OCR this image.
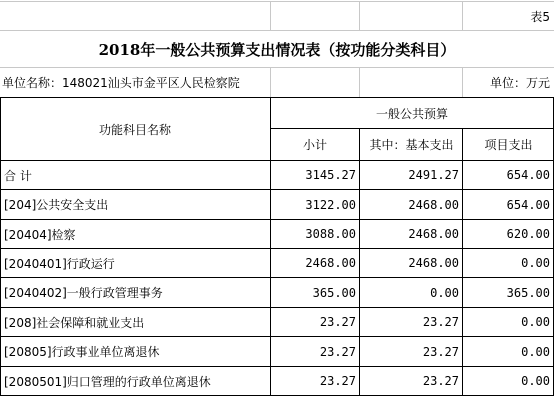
表5
2018年一般公共预算支出情况表（按功能分类科目）
单位名称：148021汕头市金平区人民检察院	单位：万元
功能科目名称
一般公共预算
小计	其中：基本支出	项目支出
合 计	3145.27	2491.27	654.00
[204]公共安全支出	3122.00	2468.00	654.00
[20404]检察	3088.00	2468.00	620.00
[2040401]行政运行	2468.00	2468.00	0.00
[2040402]一般行政管理事务	365.00	0.00	365.00
[208]社会保障和就业支出	23.27	23.27	0.00
[20805]行政事业单位离退休	23.27	23.27	0.00
[2080501]归口管理的行政单位离退休	23.27	23.27	0.00
